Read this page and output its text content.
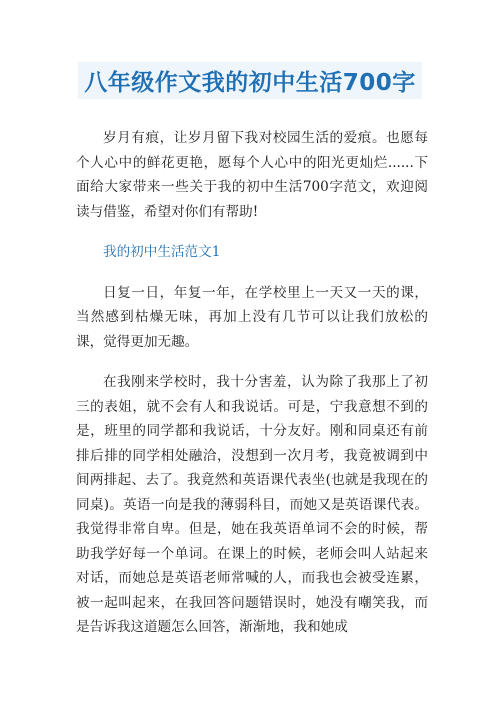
八年级作文我的初中生活700字

岁月有痕，让岁月留下我对校园生活的爱痕。也愿每个人心中的鲜花更艳，愿每个人心中的阳光更灿烂......下面给大家带来一些关于我的初中生活700字范文，欢迎阅读与借鉴，希望对你们有帮助!

我的初中生活范文1

日复一日，年复一年，在学校里上一天又一天的课，当然感到枯燥无味，再加上没有几节可以让我们放松的课，觉得更加无趣。

在我刚来学校时，我十分害羞，认为除了我那上了初三的表姐，就不会有人和我说话。可是，宁我意想不到的是，班里的同学都和我说话，十分友好。刚和同桌还有前排后排的同学相处融洽，没想到一次月考，我竟被调到中间两排起、去了。我竟然和英语课代表坐(也就是我现在的同桌)。英语一向是我的薄弱科目，而她又是英语课代表。我觉得非常自卑。但是，她在我英语单词不会的时候，帮助我学好每一个单词。在课上的时候，老师会叫人站起来对话，而她总是英语老师常喊的人，而我也会被受连累，被一起叫起来，在我回答问题错误时，她没有嘲笑我，而是告诉我这道题怎么回答，渐渐地，我和她成
